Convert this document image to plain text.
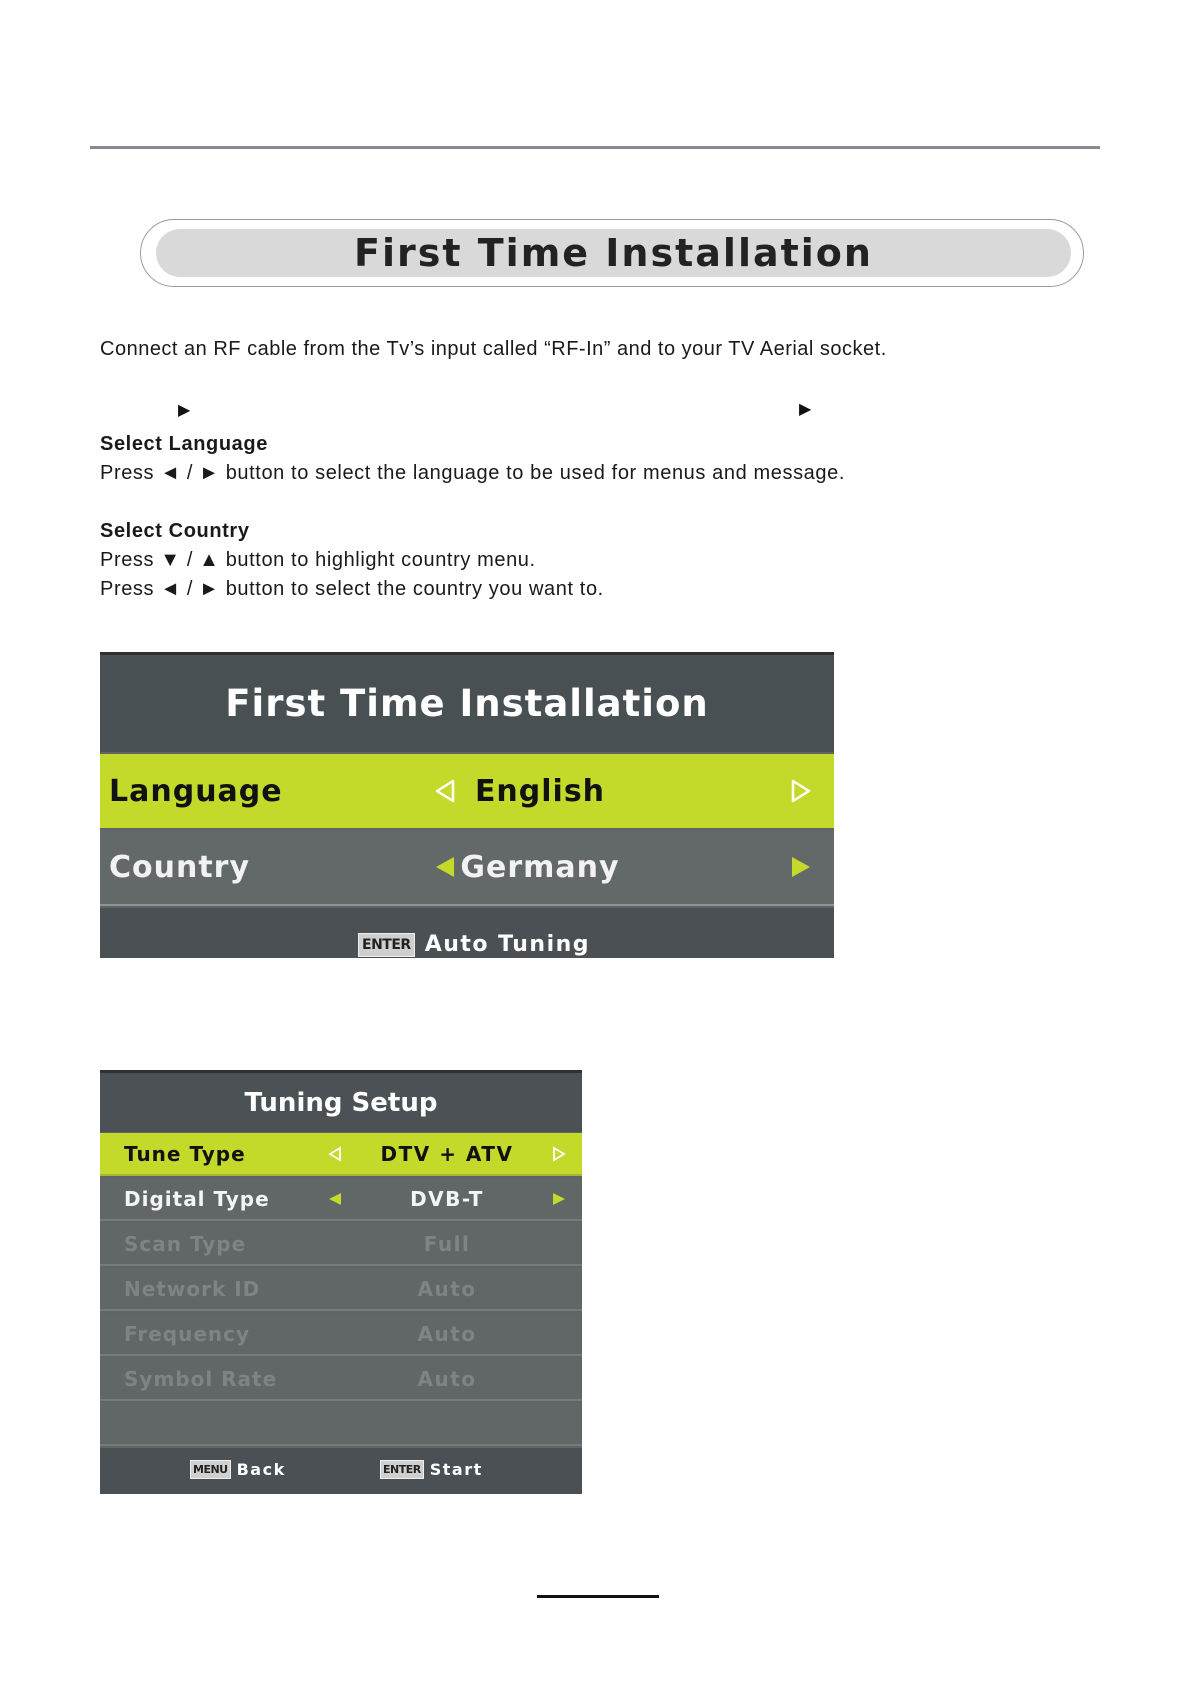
First Time Installation
Connect an RF cable from the Tv’s input called “RF-In” and to your TV Aerial socket.
▶	▶
Select Language
Press ◄ / ► button to select the language to be used for menus and message.
Select Country
Press ▼ / ▲ button to highlight country menu.
Press ◄ / ► button to select the country you want to.
First Time Installation
Language	English
Country	Germany
ENTER Auto Tuning
Tuning Setup
Tune Type	DTV + ATV
Digital Type	DVB-T
Scan Type	Full
Network ID	Auto
Frequency	Auto
Symbol Rate	Auto
MENU Back	ENTER Start
